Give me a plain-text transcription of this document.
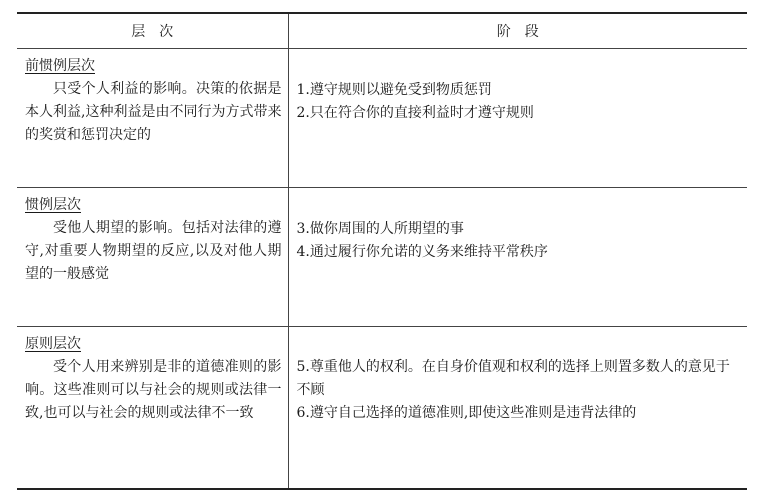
层　次	阶　段

前惯例层次
只受个人利益的影响。决策的依据是本人利益,这种利益是由不同行为方式带来的奖赏和惩罚决定的	1.遵守规则以避免受到物质惩罚
2.只在符合你的直接利益时才遵守规则

惯例层次
受他人期望的影响。包括对法律的遵守,对重要人物期望的反应,以及对他人期望的一般感觉	3.做你周围的人所期望的事
4.通过履行你允诺的义务来维持平常秩序

原则层次
受个人用来辨别是非的道德准则的影响。这些准则可以与社会的规则或法律一致,也可以与社会的规则或法律不一致	5.尊重他人的权利。在自身价值观和权利的选择上则置多数人的意见于不顾
6.遵守自己选择的道德准则,即使这些准则是违背法律的
